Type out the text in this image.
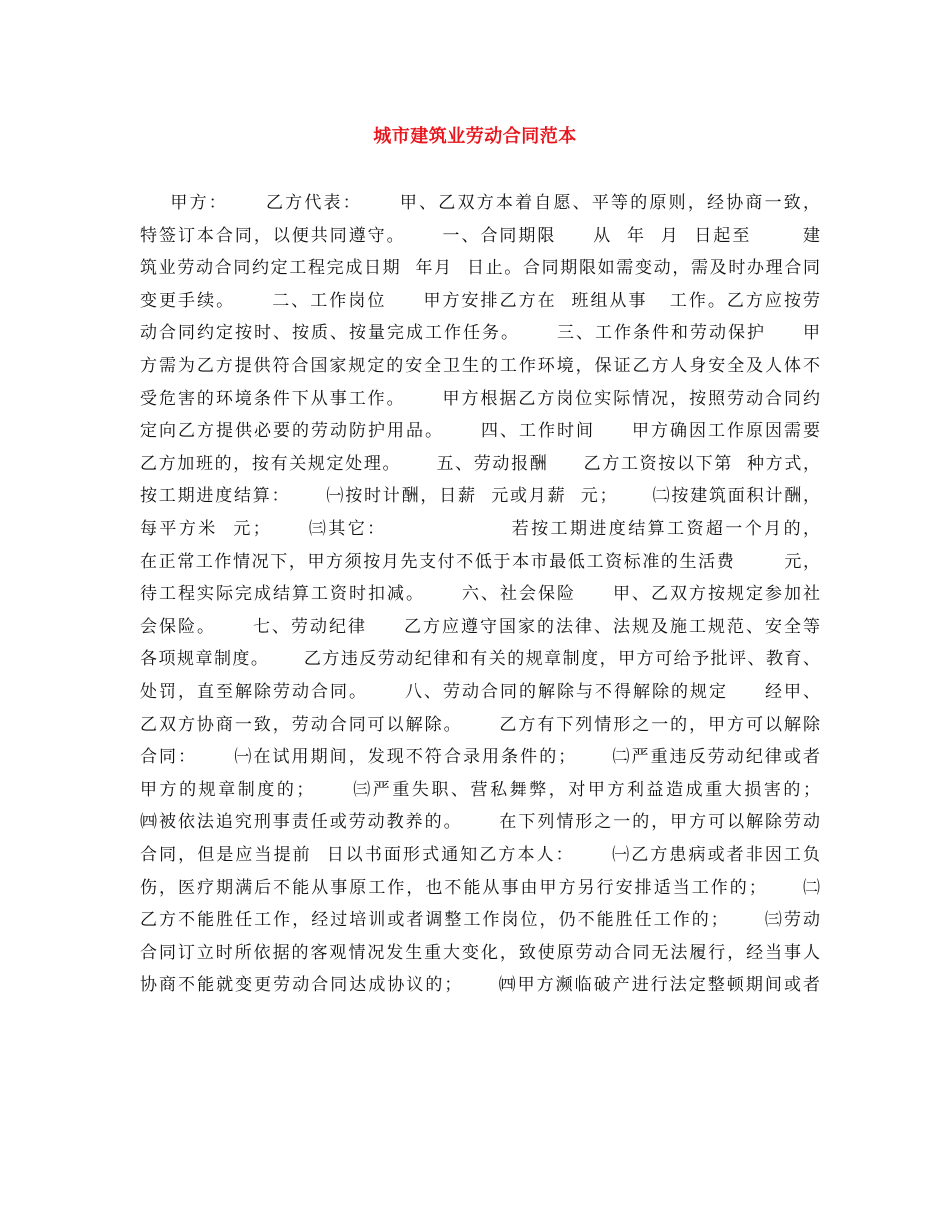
城市建筑业劳动合同范本
甲方：     乙方代表：     甲、乙双方本着自愿、平等的原则，经协商一致，
特签订本合同，以便共同遵守。     一、合同期限     从  年  月  日起至       建
筑业劳动合同约定工程完成日期  年月  日止。合同期限如需变动，需及时办理合同
变更手续。     二、工作岗位     甲方安排乙方在  班组从事   工作。乙方应按劳
动合同约定按时、按质、按量完成工作任务。     三、工作条件和劳动保护     甲
方需为乙方提供符合国家规定的安全卫生的工作环境，保证乙方人身安全及人体不
受危害的环境条件下从事工作。     甲方根据乙方岗位实际情况，按照劳动合同约
定向乙方提供必要的劳动防护用品。     四、工作时间     甲方确因工作原因需要
乙方加班的，按有关规定处理。     五、劳动报酬     乙方工资按以下第  种方式，
按工期进度结算：     ㈠按时计酬，日薪  元或月薪  元；     ㈡按建筑面积计酬，
每平方米  元；     ㈢其它：                若按工期进度结算工资超一个月的，
在正常工作情况下，甲方须按月先支付不低于本市最低工资标准的生活费       元，
待工程实际完成结算工资时扣减。     六、社会保险     甲、乙双方按规定参加社
会保险。     七、劳动纪律     乙方应遵守国家的法律、法规及施工规范、安全等
各项规章制度。     乙方违反劳动纪律和有关的规章制度，甲方可给予批评、教育、
处罚，直至解除劳动合同。     八、劳动合同的解除与不得解除的规定     经甲、
乙双方协商一致，劳动合同可以解除。     乙方有下列情形之一的，甲方可以解除
合同：     ㈠在试用期间，发现不符合录用条件的；     ㈡严重违反劳动纪律或者
甲方的规章制度的；     ㈢严重失职、营私舞弊，对甲方利益造成重大损害的；
㈣被依法追究刑事责任或劳动教养的。     在下列情形之一的，甲方可以解除劳动
合同，但是应当提前  日以书面形式通知乙方本人：     ㈠乙方患病或者非因工负
伤，医疗期满后不能从事原工作，也不能从事由甲方另行安排适当工作的；     ㈡
乙方不能胜任工作，经过培训或者调整工作岗位，仍不能胜任工作的；     ㈢劳动
合同订立时所依据的客观情况发生重大变化，致使原劳动合同无法履行，经当事人
协商不能就变更劳动合同达成协议的；     ㈣甲方濒临破产进行法定整顿期间或者
